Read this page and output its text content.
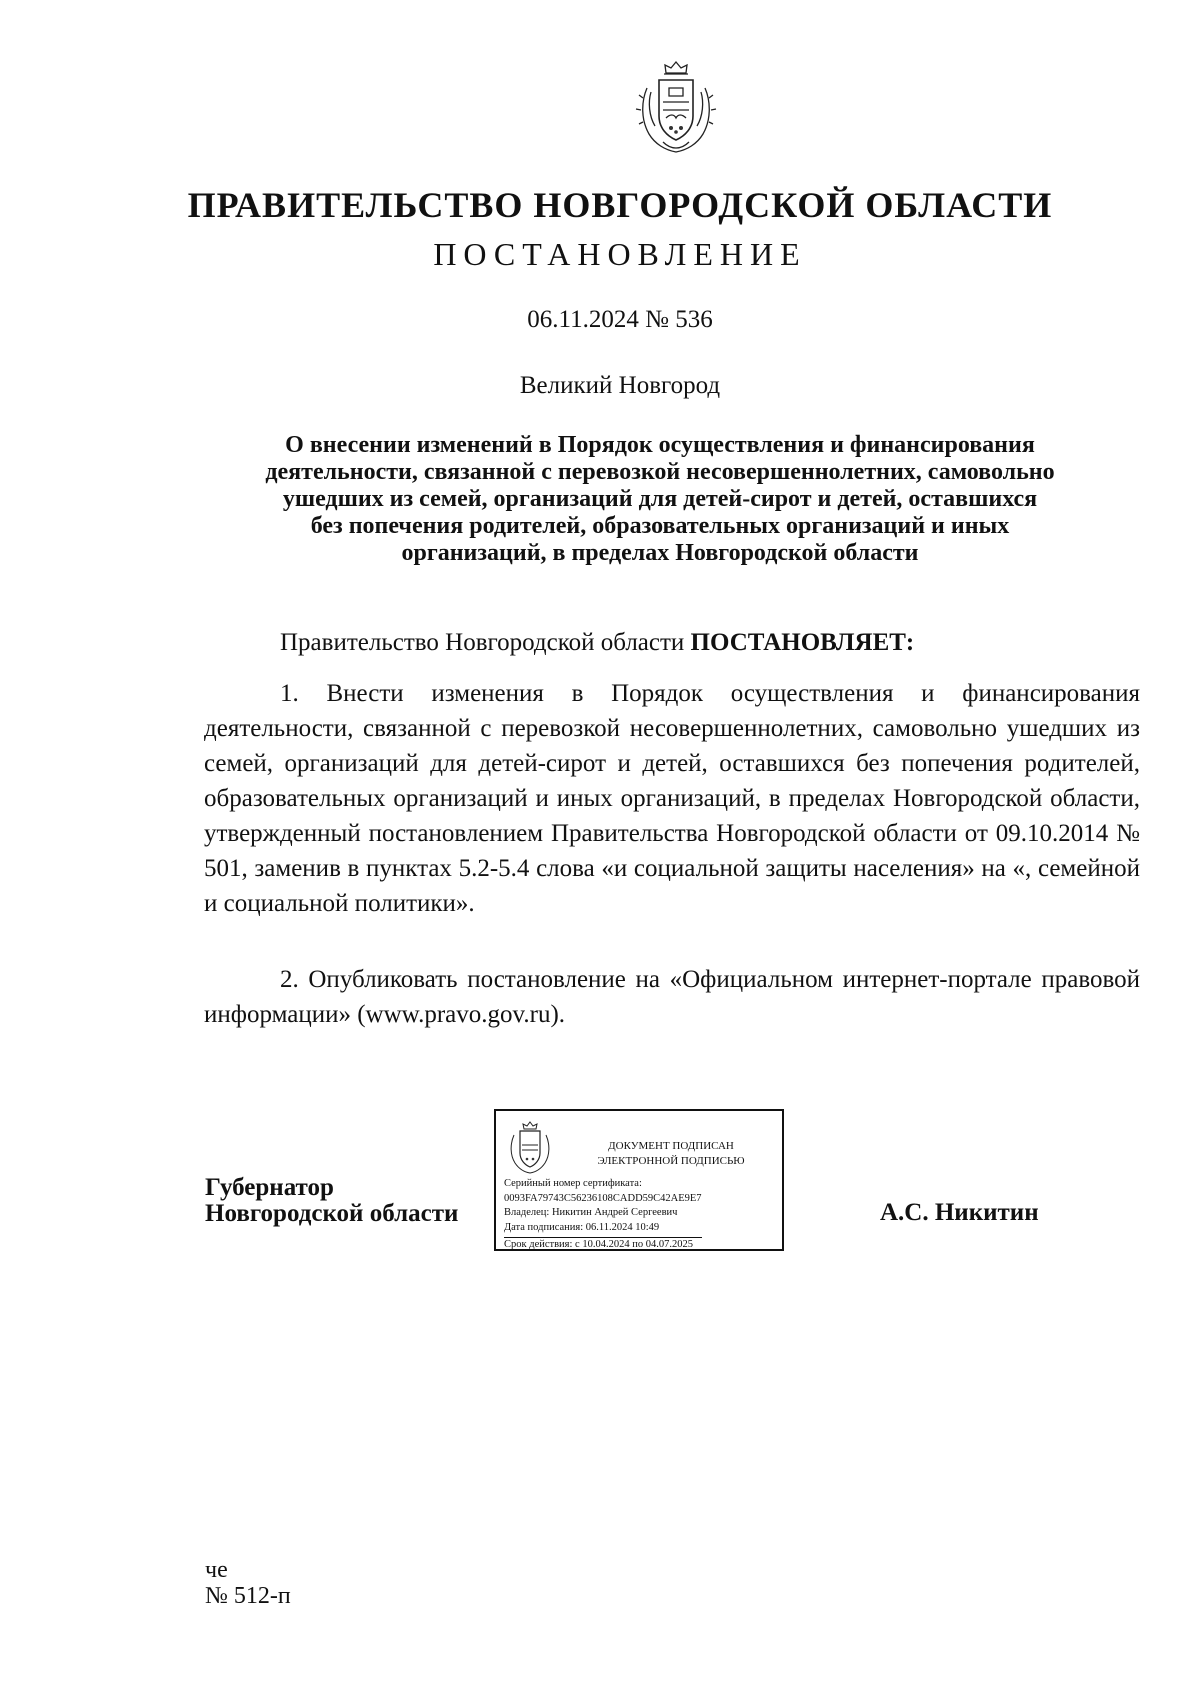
ПРАВИТЕЛЬСТВО НОВГОРОДСКОЙ ОБЛАСТИ
ПОСТАНОВЛЕНИЕ
06.11.2024 № 536
Великий Новгород
О внесении изменений в Порядок осуществления и финансирования
деятельности, связанной с перевозкой несовершеннолетних, самовольно
ушедших из семей, организаций для детей-сирот и детей, оставшихся
без попечения родителей, образовательных организаций и иных
организаций, в пределах Новгородской области
Правительство Новгородской области ПОСТАНОВЛЯЕТ:
1. Внести изменения в Порядок осуществления и финансирования деятельности, связанной с перевозкой несовершеннолетних, самовольно ушедших из семей, организаций для детей-сирот и детей, оставшихся без попечения родителей, образовательных организаций и иных организаций, в пределах Новгородской области, утвержденный постановлением Правительства Новгородской области от 09.10.2014 № 501, заменив в пунктах 5.2-5.4 слова «и социальной защиты населения» на «, семейной и социальной политики».
2. Опубликовать постановление на «Официальном интернет-портале правовой информации» (www.pravo.gov.ru).
Губернатор
Новгородской области
ДОКУМЕНТ ПОДПИСАН
ЭЛЕКТРОННОЙ ПОДПИСЬЮ
Серийный номер сертификата:
0093FA79743C56236108CADD59C42AE9E7
Владелец: Никитин Андрей Сергеевич
Дата подписания: 06.11.2024 10:49
Срок действия: с 10.04.2024 по 04.07.2025
А.С. Никитин
че
№ 512-п
